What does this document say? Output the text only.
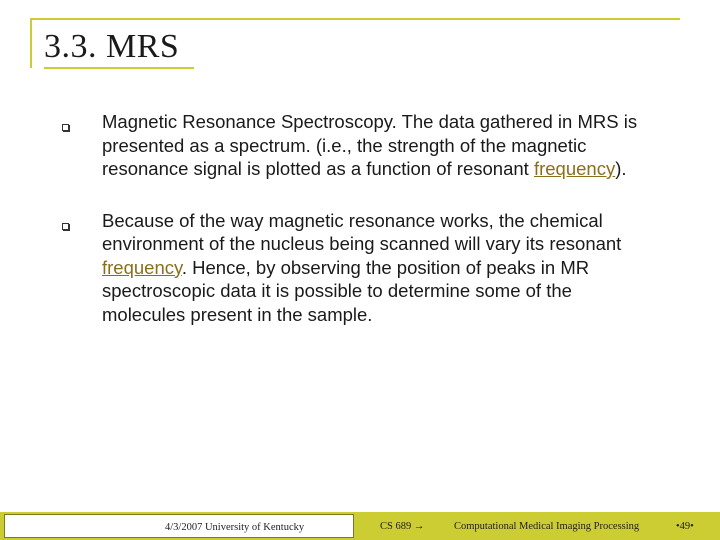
3.3. MRS
Magnetic Resonance Spectroscopy. The data gathered in MRS is presented as a spectrum. (i.e., the strength of the magnetic resonance signal is plotted as a function of resonant frequency).
Because of the way magnetic resonance works, the chemical environment of the nucleus being scanned will vary its resonant frequency. Hence, by observing the position of peaks in MR spectroscopic data it is possible to determine some of the molecules present in the sample.
4/3/2007 University of Kentucky	CS 689 →	Computational Medical Imaging Processing	•49•
